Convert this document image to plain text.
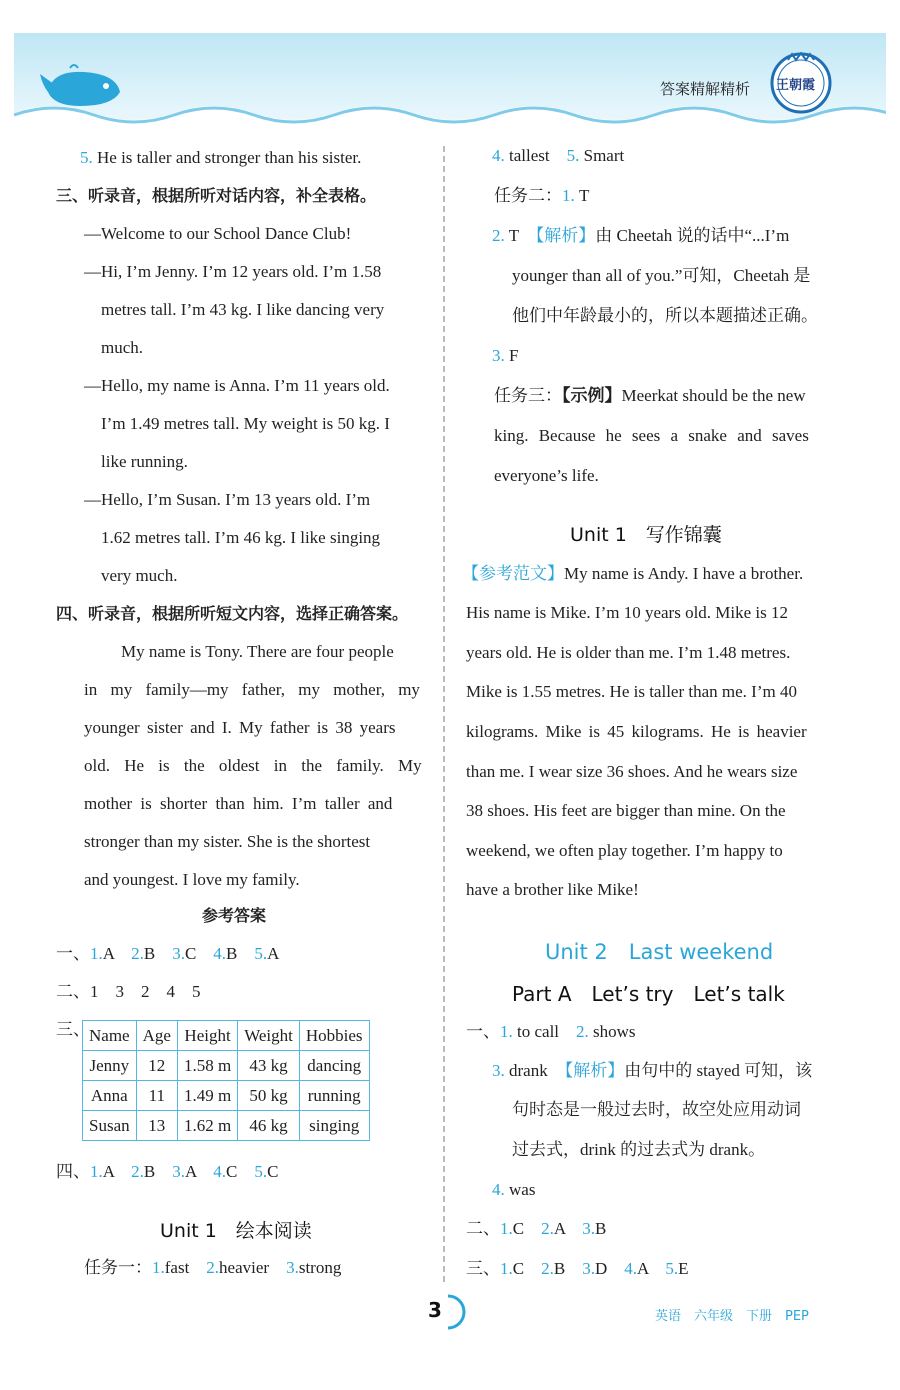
答案精解精析 王朝霞
5. He is taller and stronger than his sister.
三、听录音，根据所听对话内容，补全表格。
—Welcome to our School Dance Club!
—Hi, I’m Jenny. I’m 12 years old. I’m 1.58
metres tall. I’m 43 kg. I like dancing very
much.
—Hello, my name is Anna. I’m 11 years old.
I’m 1.49 metres tall. My weight is 50 kg. I
like running.
—Hello, I’m Susan. I’m 13 years old. I’m
1.62 metres tall. I’m 46 kg. I like singing
very much.
四、听录音，根据所听短文内容，选择正确答案。
My name is Tony. There are four people
in my family—my father, my mother, my
younger sister and I. My father is 38 years
old. He is the oldest in the family. My
mother is shorter than him. I’m taller and
stronger than my sister. She is the shortest
and youngest. I love my family.
参考答案
一、1.A　 2.B　 3.C　 4.B　 5.A
二、1　3　2　4　5
三、 Name	Age	Height	Weight	Hobbies
Jenny	12	1.58 m	43 kg	dancing
Anna	11	1.49 m	50 kg	running
Susan	13	1.62 m	46 kg	singing
四、1.A　 2.B　 3.A　 4.C　 5.C
Unit 1　绘本阅读
任务一：1.fast　 2.heavier　 3.strong
4. tallest　 5. Smart
任务二：1. T
2. T　 【解析】由 Cheetah 说的话中“...I’m
younger than all of you.”可知，Cheetah 是
他们中年龄最小的，所以本题描述正确。
3. F
任务三：【示例】Meerkat should be the new
king. Because he sees a snake and saves
everyone’s life.
Unit 1　写作锦囊
【参考范文】My name is Andy. I have a brother.
His name is Mike. I’m 10 years old. Mike is 12
years old. He is older than me. I’m 1.48 metres.
Mike is 1.55 metres. He is taller than me. I’m 40
kilograms. Mike is 45 kilograms. He is heavier
than me. I wear size 36 shoes. And he wears size
38 shoes. His feet are bigger than mine. On the
weekend, we often play together. I’m happy to
have a brother like Mike!
Unit 2　Last weekend
Part A　Let’s try　Let’s talk
一、1. to call　 2. shows
3. drank　 【解析】由句中的 stayed 可知，该
句时态是一般过去时，故空处应用动词
过去式，drink 的过去式为 drank。
4. was
二、1.C　 2.A　 3.B
三、1.C　 2.B　 3.D　 4.A　 5.E
3	英语　六年级　下册　PEP
